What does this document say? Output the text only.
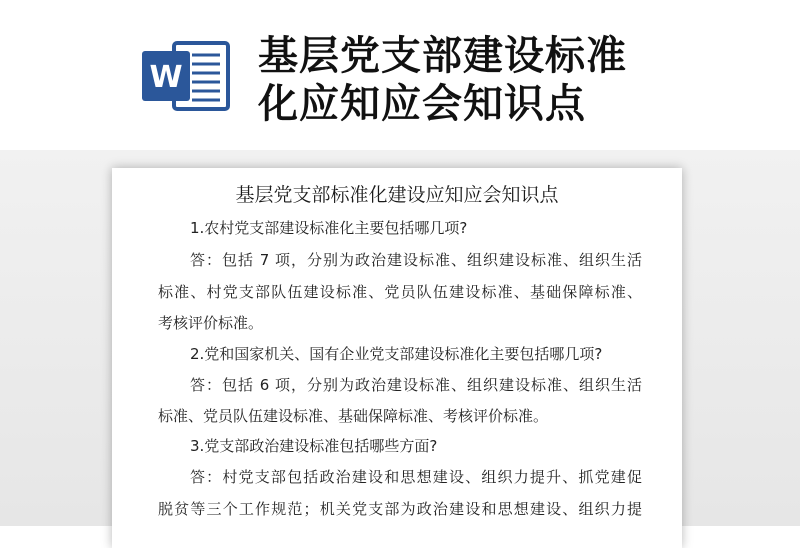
W 基层党支部建设标准
化应知应会知识点
基层党支部标准化建设应知应会知识点
1.农村党支部建设标准化主要包括哪几项?
答：包括 7 项，分别为政治建设标准、组织建设标准、组织生活
标准、村党支部队伍建设标准、党员队伍建设标准、基础保障标准、
考核评价标准。
2.党和国家机关、国有企业党支部建设标准化主要包括哪几项?
答：包括 6 项，分别为政治建设标准、组织建设标准、组织生活
标准、党员队伍建设标准、基础保障标准、考核评价标准。
3.党支部政治建设标准包括哪些方面?
答：村党支部包括政治建设和思想建设、组织力提升、抓党建促
脱贫等三个工作规范；机关党支部为政治建设和思想建设、组织力提
